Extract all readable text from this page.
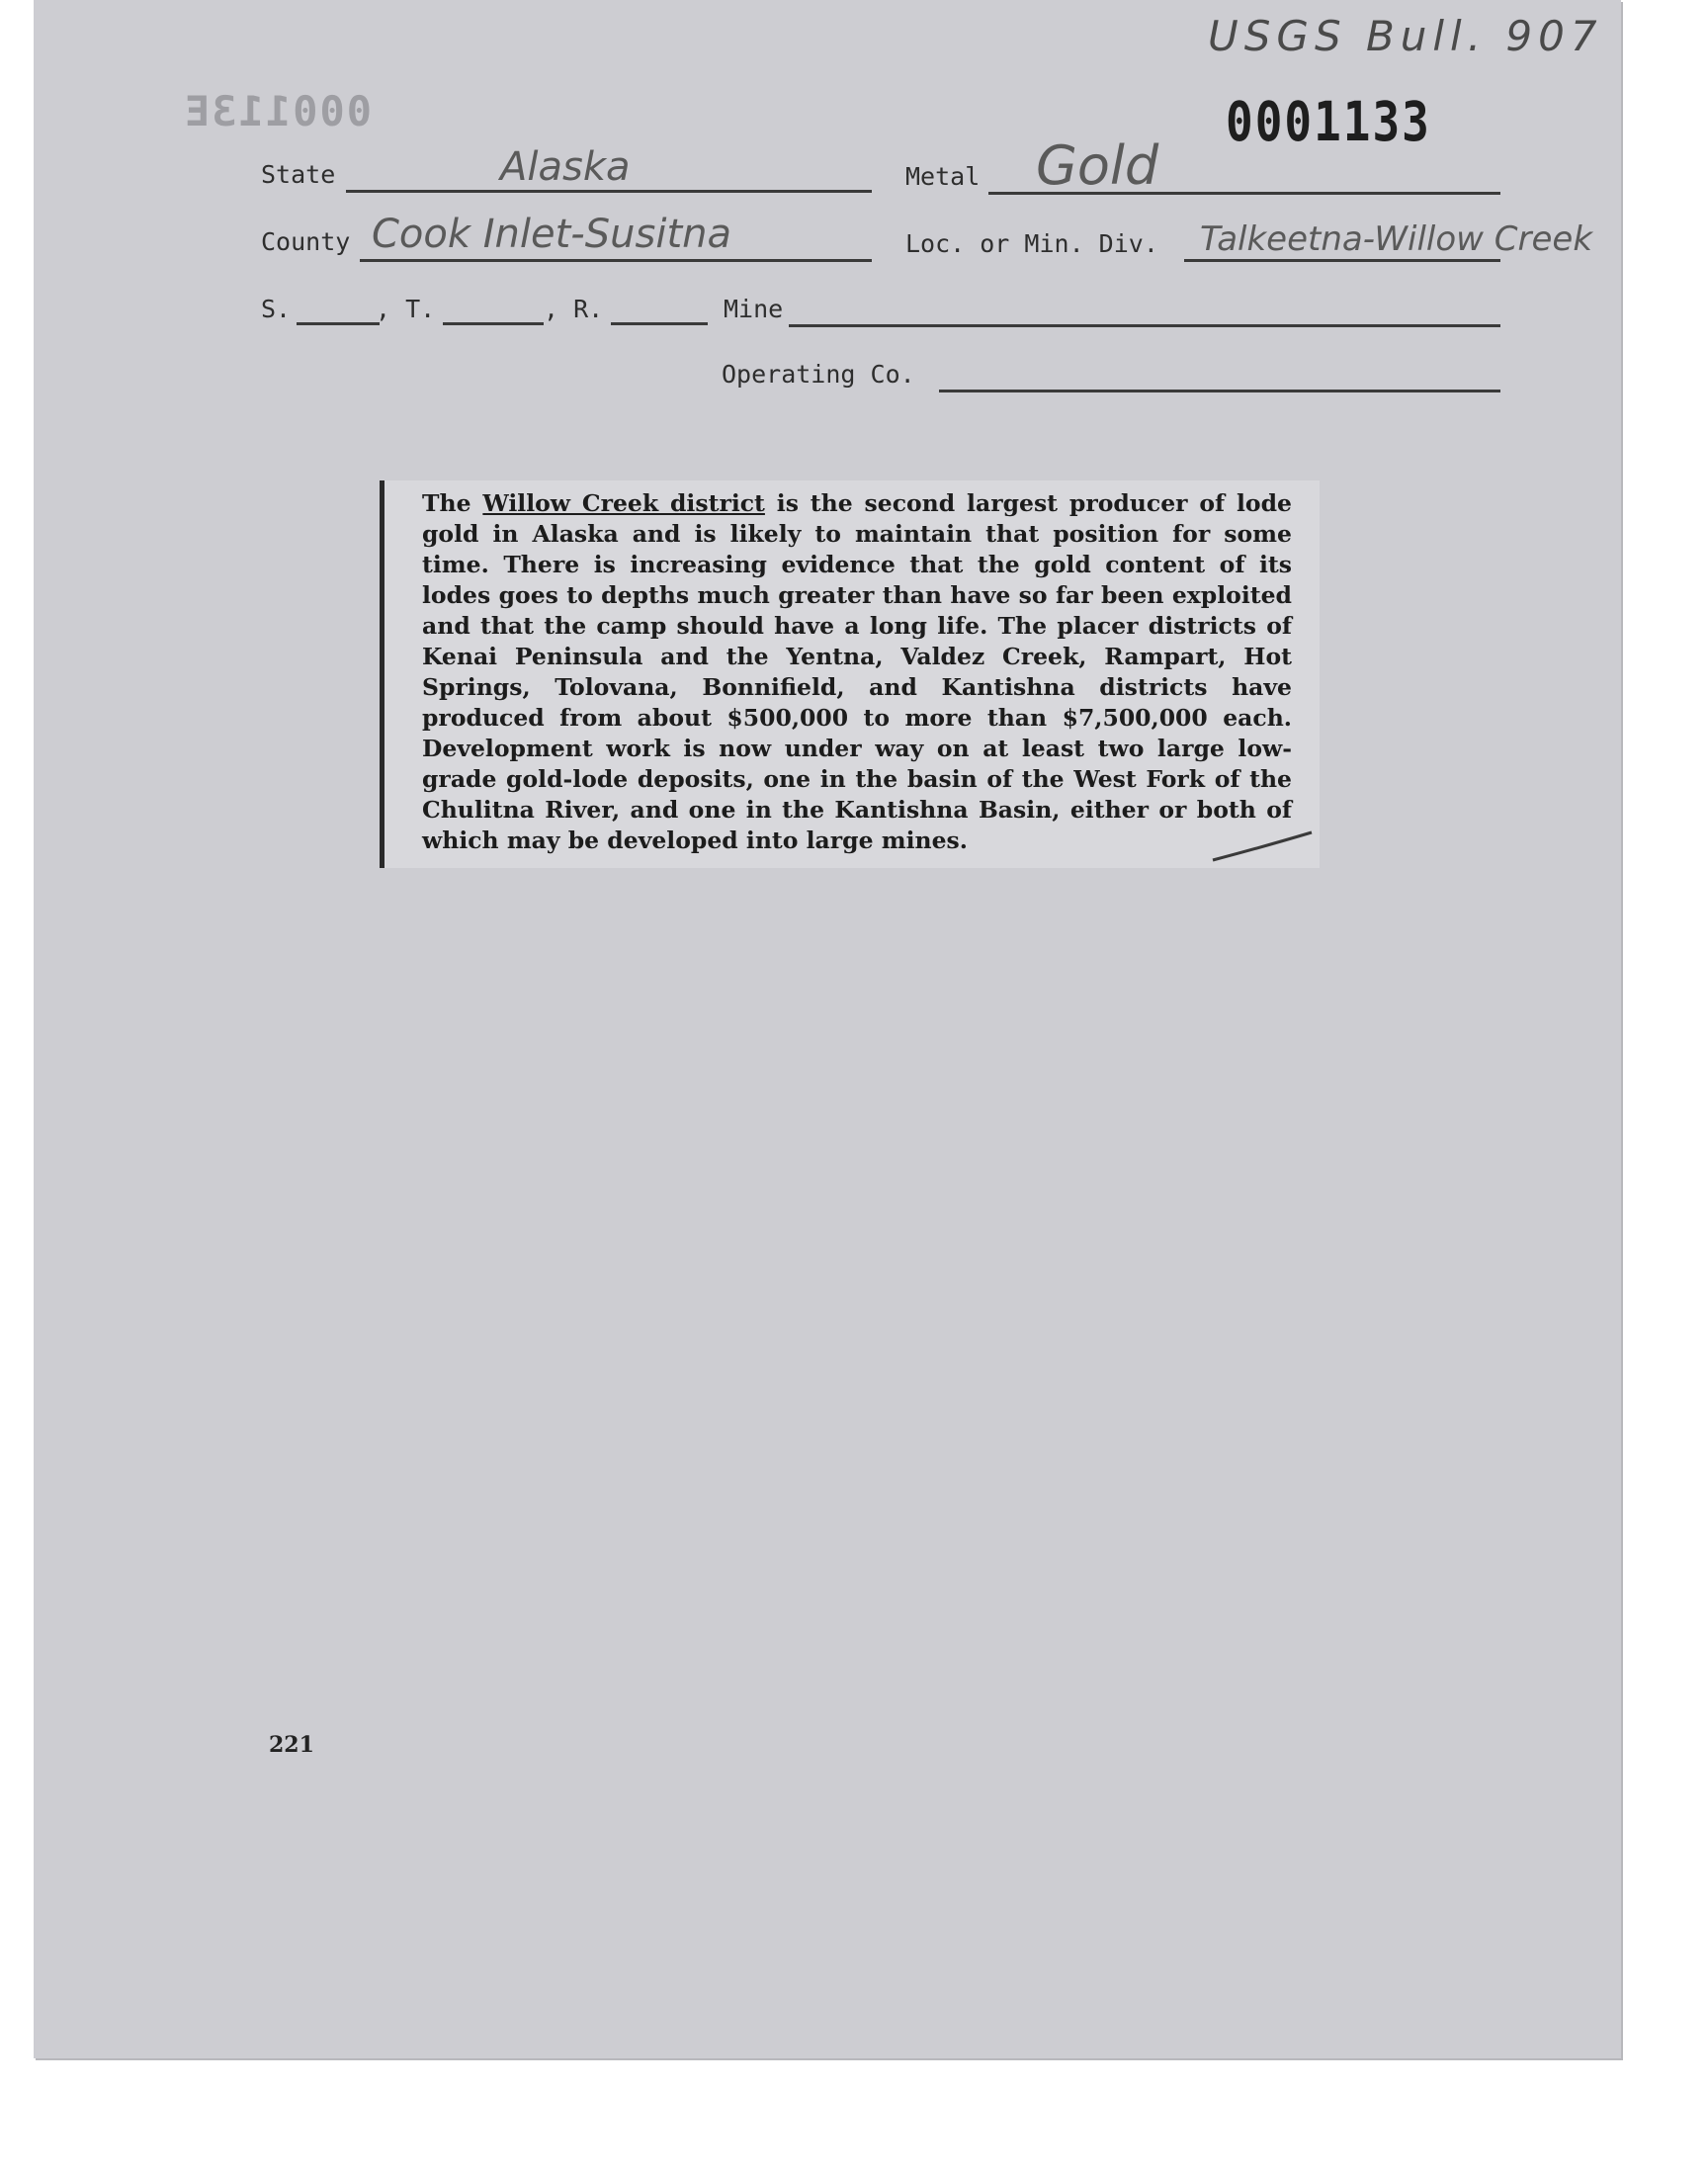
USGS Bull. 907
000113E	0001133
State	Alaska	Metal Gold
County Cook Inlet-Susitna	Loc. or Min. Div. Talkeetna-Willow Creek
S.	, T.	, R.	Mine
Operating Co.
The Willow Creek district is the second largest producer of lode gold in Alaska and is likely to maintain that position for some time. There is increasing evidence that the gold content of its lodes goes to depths much greater than have so far been exploited and that the camp should have a long life. The placer districts of Kenai Peninsula and the Yentna, Valdez Creek, Rampart, Hot Springs, Tolovana, Bonnifield, and Kantishna districts have produced from about $500,000 to more than $7,500,000 each. Development work is now under way on at least two large low-grade gold-lode deposits, one in the basin of the West Fork of the Chulitna River, and one in the Kantishna Basin, either or both of which may be developed into large mines.
221
